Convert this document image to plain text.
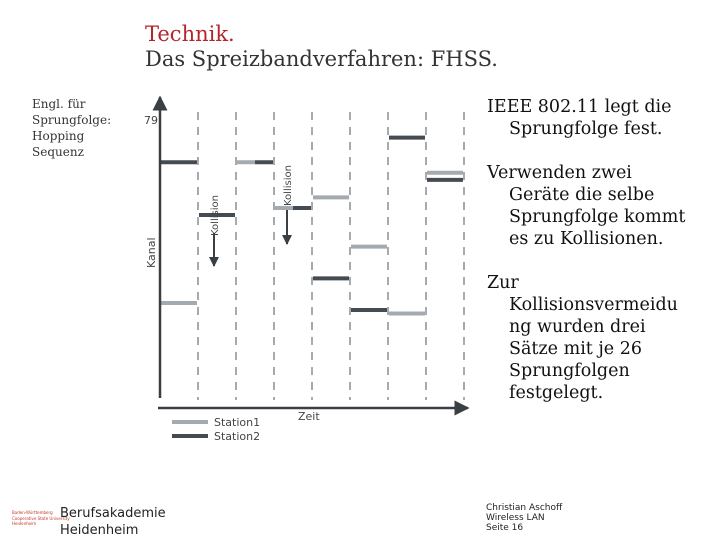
Technik.
Das Spreizbandverfahren: FHSS.
Engl. für
Sprungfolge:
Hopping
Sequenz
79
Kanal
Zeit
Kollision
Kollision
Station1
Station2
IEEE 802.11 legt die
Sprungfolge fest.
Verwenden zwei
Geräte die selbe
Sprungfolge kommt
es zu Kollisionen.
Zur
Kollisionsvermeidu
ng wurden drei
Sätze mit je 26
Sprungfolgen
festgelegt.
Baden-Württemberg
Cooperative State University
Heidenheim
Berufsakademie
Heidenheim
Christian Aschoff
Wireless LAN
Seite 16
